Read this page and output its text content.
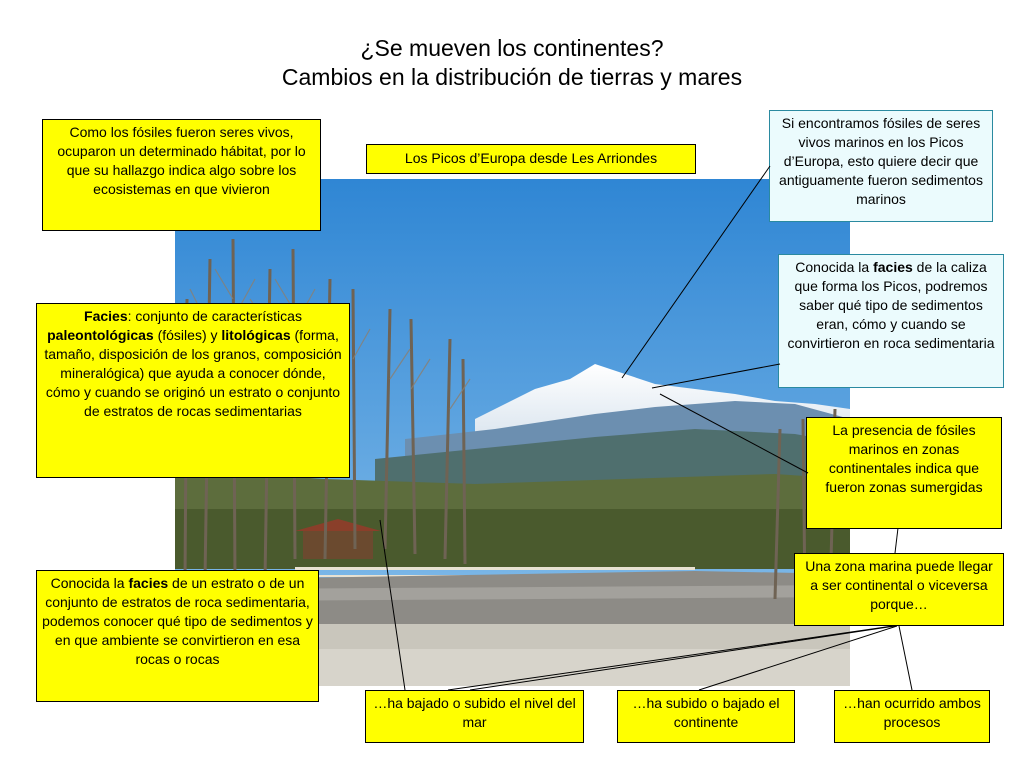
¿Se mueven los continentes?
Cambios en la distribución de tierras y mares
Los Picos d’Europa desde Les Arriondes
Como los fósiles fueron seres vivos, ocuparon un determinado hábitat, por lo que su hallazgo indica algo sobre los ecosistemas en que vivieron
Facies: conjunto de características paleontológicas (fósiles) y litológicas (forma, tamaño, disposición de los granos, composición mineralógica) que ayuda a conocer dónde, cómo y cuando se originó un estrato o conjunto de estratos de rocas sedimentarias
Conocida la facies de un estrato o de un conjunto de estratos de roca sedimentaria, podemos conocer qué tipo de sedimentos y en que ambiente se convirtieron en esa rocas o rocas
Si encontramos fósiles de seres vivos marinos en los Picos d’Europa, esto quiere decir que antiguamente fueron sedimentos marinos
Conocida la facies de la caliza que forma los Picos, podremos saber qué tipo de sedimentos eran, cómo y cuando se convirtieron en roca sedimentaria
La presencia de fósiles marinos en zonas continentales indica que fueron zonas sumergidas
Una zona marina puede llegar a ser continental o viceversa porque…
…ha bajado o subido el nivel del mar
…ha subido o bajado el continente
…han ocurrido ambos procesos
